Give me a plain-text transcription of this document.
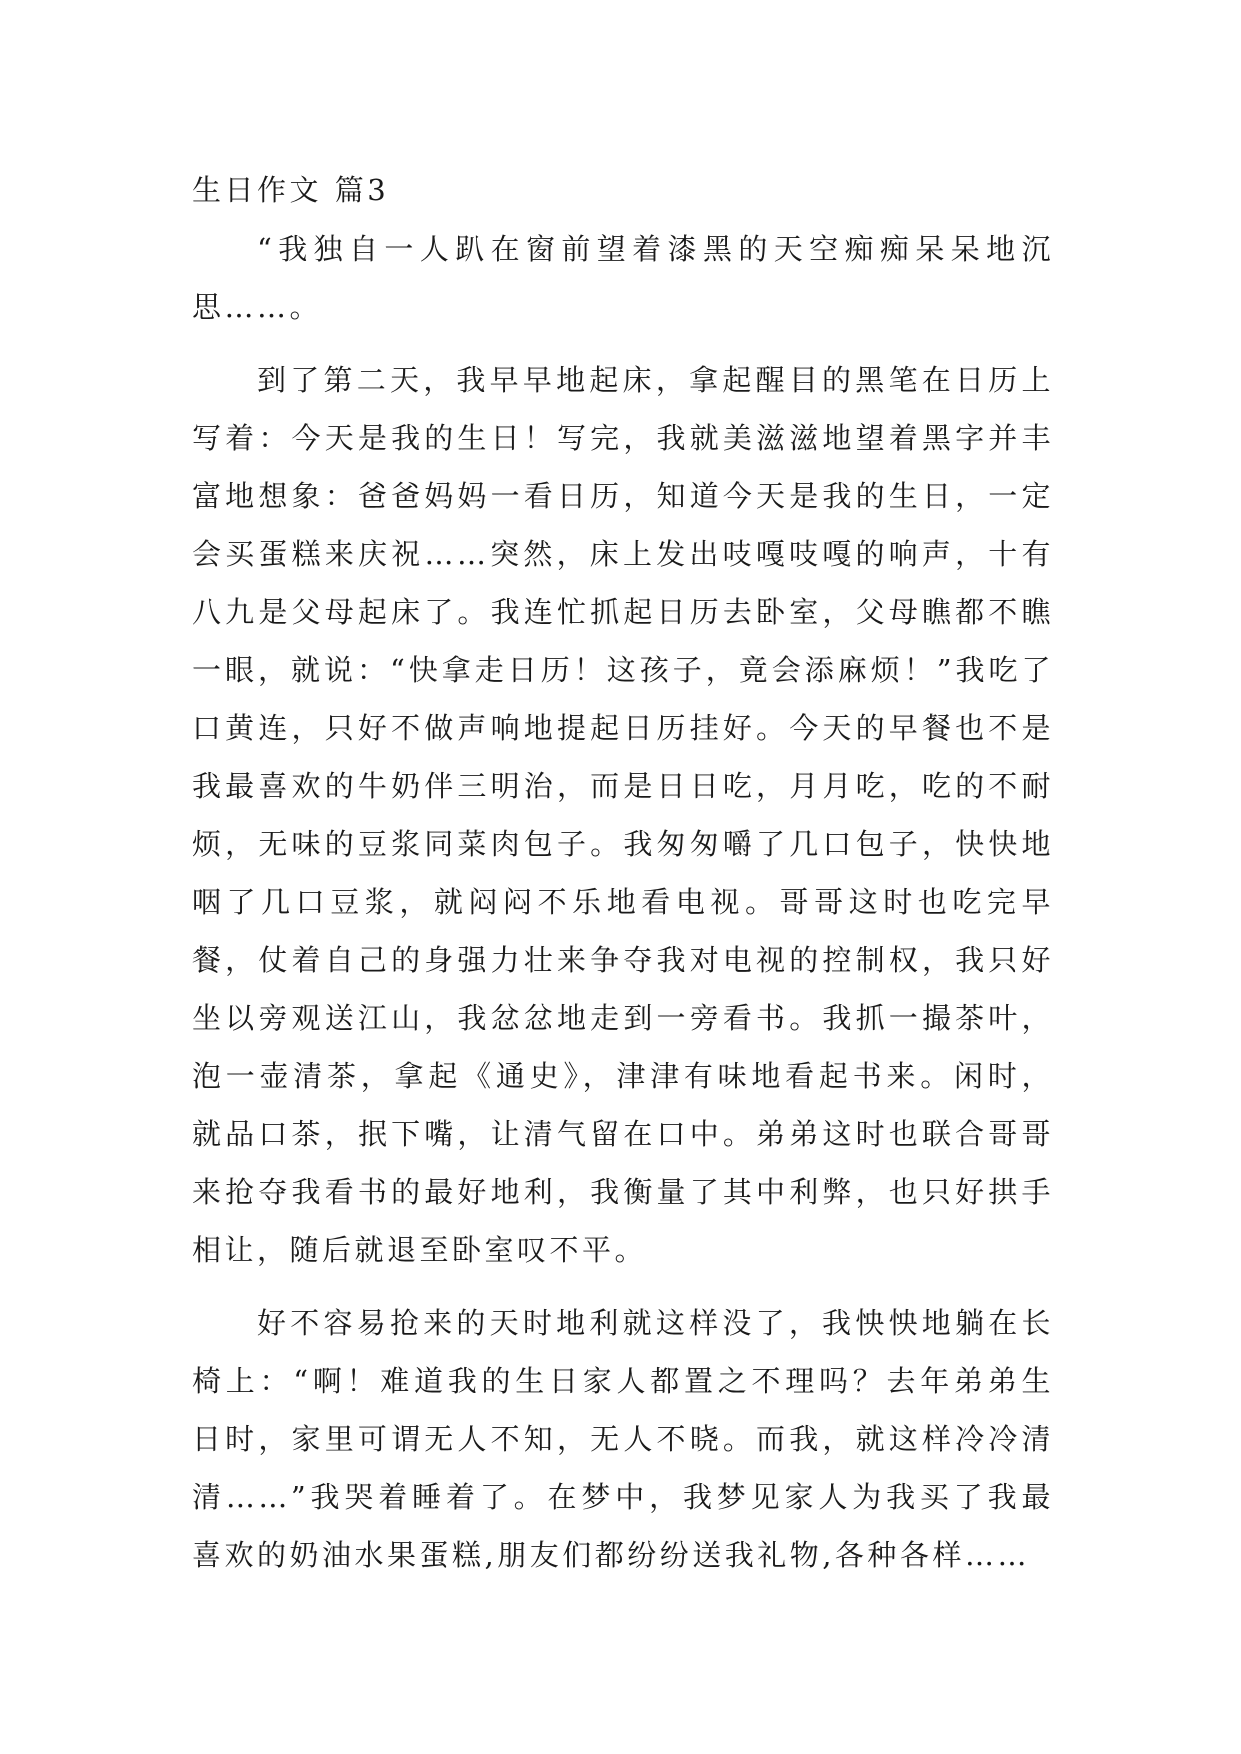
生日作文 篇3

“我独自一人趴在窗前望着漆黑的天空痴痴呆呆地沉思……。

到了第二天，我早早地起床，拿起醒目的黑笔在日历上写着：今天是我的生日！写完，我就美滋滋地望着黑字并丰富地想象：爸爸妈妈一看日历，知道今天是我的生日，一定会买蛋糕来庆祝……突然，床上发出吱嘎吱嘎的响声，十有八九是父母起床了。我连忙抓起日历去卧室，父母瞧都不瞧一眼，就说：“快拿走日历！这孩子，竟会添麻烦！”我吃了口黄连，只好不做声响地提起日历挂好。今天的早餐也不是我最喜欢的牛奶伴三明治，而是日日吃，月月吃，吃的不耐烦，无味的豆浆同菜肉包子。我匆匆嚼了几口包子，快快地咽了几口豆浆，就闷闷不乐地看电视。哥哥这时也吃完早餐，仗着自己的身强力壮来争夺我对电视的控制权，我只好坐以旁观送江山，我忿忿地走到一旁看书。我抓一撮茶叶，泡一壶清茶，拿起《通史》，津津有味地看起书来。闲时，就品口茶，抿下嘴，让清气留在口中。弟弟这时也联合哥哥来抢夺我看书的最好地利，我衡量了其中利弊，也只好拱手相让，随后就退至卧室叹不平。

好不容易抢来的天时地利就这样没了，我怏怏地躺在长椅上：“啊！难道我的生日家人都置之不理吗？去年弟弟生日时，家里可谓无人不知，无人不晓。而我，就这样冷冷清清……”我哭着睡着了。在梦中，我梦见家人为我买了我最喜欢的奶油水果蛋糕,朋友们都纷纷送我礼物,各种各样……
